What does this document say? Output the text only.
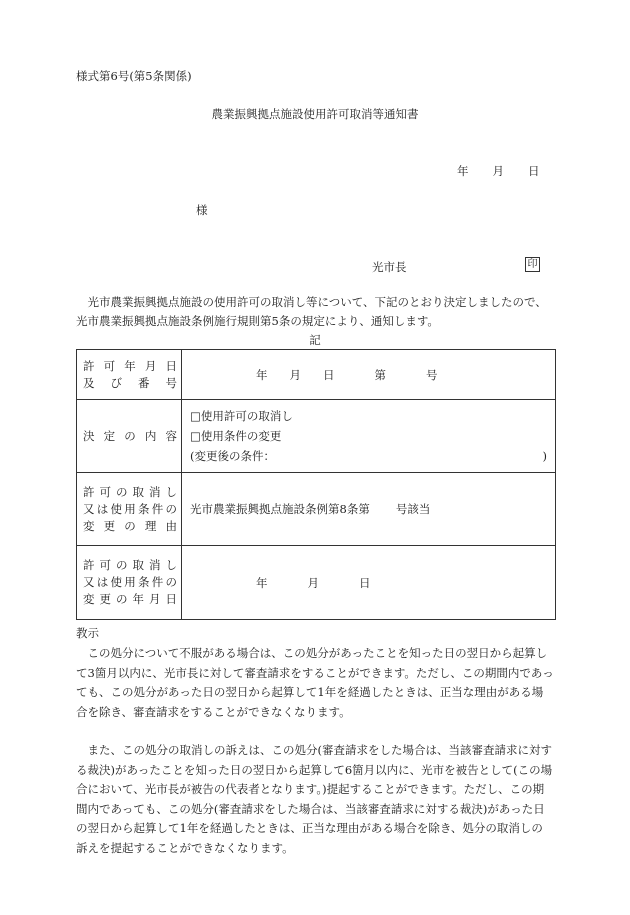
様式第6号(第5条関係)
農業振興拠点施設使用許可取消等通知書
年 月 日
様
光市長	印
光市農業振興拠点施設の使用許可の取消し等について、下記のとおり決定しましたので、光市農業振興拠点施設条例施行規則第5条の規定により、通知します。
記
許可年月日
及び番号	年 月 日 第 号

決定の内容	□使用許可の取消し
□使用条件の変更
(変更後の条件： )

許可の取消し
又は使用条件の
変更の理由	光市農業振興拠点施設条例第8条第 号該当

許可の取消し
又は使用条件の
変更の年月日	年 月 日
教示
この処分について不服がある場合は、この処分があったことを知った日の翌日から起算して3箇月以内に、光市長に対して審査請求をすることができます。ただし、この期間内であっても、この処分があった日の翌日から起算して1年を経過したときは、正当な理由がある場合を除き、審査請求をすることができなくなります。
また、この処分の取消しの訴えは、この処分(審査請求をした場合は、当該審査請求に対する裁決)があったことを知った日の翌日から起算して6箇月以内に、光市を被告として(この場合において、光市長が被告の代表者となります。)提起することができます。ただし、この期間内であっても、この処分(審査請求をした場合は、当該審査請求に対する裁決)があった日の翌日から起算して1年を経過したときは、正当な理由がある場合を除き、処分の取消しの訴えを提起することができなくなります。
